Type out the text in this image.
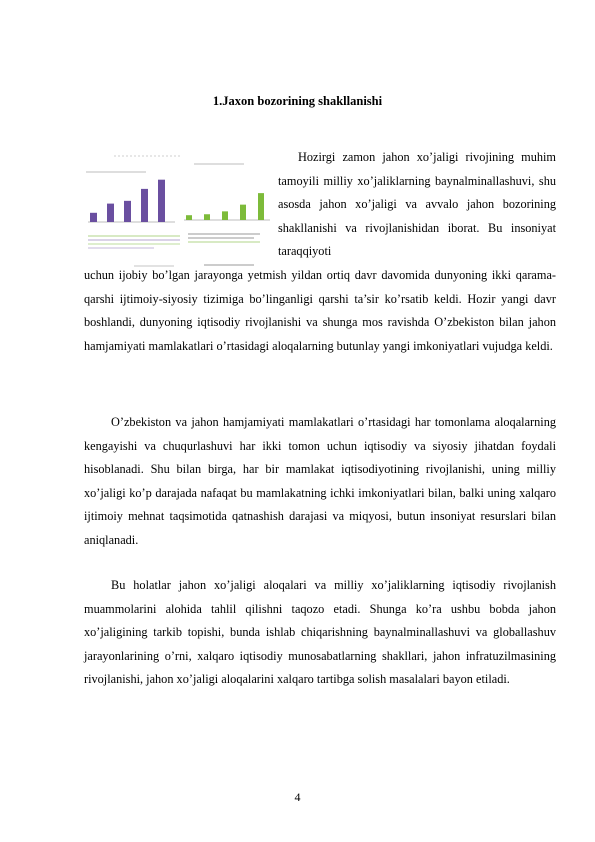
1.Jaxon bozorining shakllanishi

Hozirgi zamon jahon xo’jaligi rivojining muhim tamoyili milliy xo’jaliklarning baynalminallashuvi, shu asosda jahon xo’jaligi va avvalo jahon bozorining shakllanishi va rivojlanishidan iborat. Bu insoniyat taraqqiyoti

uchun ijobiy bo’lgan jarayonga yetmish yildan ortiq davr davomida dunyoning ikki qarama-qarshi ijtimoiy-siyosiy tizimiga bo’linganligi qarshi ta’sir ko’rsatib keldi. Hozir yangi davr boshlandi, dunyoning iqtisodiy rivojlanishi va shunga mos ravishda O’zbekiston bilan jahon hamjamiyati mamlakatlari o’rtasidagi aloqalarning butunlay yangi imkoniyatlari vujudga keldi.

O’zbekiston va jahon hamjamiyati mamlakatlari o’rtasidagi har tomonlama aloqalarning kengayishi va chuqurlashuvi har ikki tomon uchun iqtisodiy va siyosiy jihatdan foydali hisoblanadi. Shu bilan birga, har bir mamlakat iqtisodiyotining rivojlanishi, uning milliy xo’jaligi ko’p darajada nafaqat bu mamlakatning ichki imkoniyatlari bilan, balki uning xalqaro ijtimoiy mehnat taqsimotida qatnashish darajasi va miqyosi, butun insoniyat resurslari bilan aniqlanadi.

Bu holatlar jahon xo’jaligi aloqalari va milliy xo’jaliklarning iqtisodiy rivojlanish muammolarini alohida tahlil qilishni taqozo etadi. Shunga ko’ra ushbu bobda jahon xo’jaligining tarkib topishi, bunda ishlab chiqarishning baynalminallashuvi va globallashuv jarayonlarining o’rni, xalqaro iqtisodiy munosabatlarning shakllari, jahon infratuzilmasining rivojlanishi, jahon xo’jaligi aloqalarini xalqaro tartibga solish masalalari bayon etiladi.

4
